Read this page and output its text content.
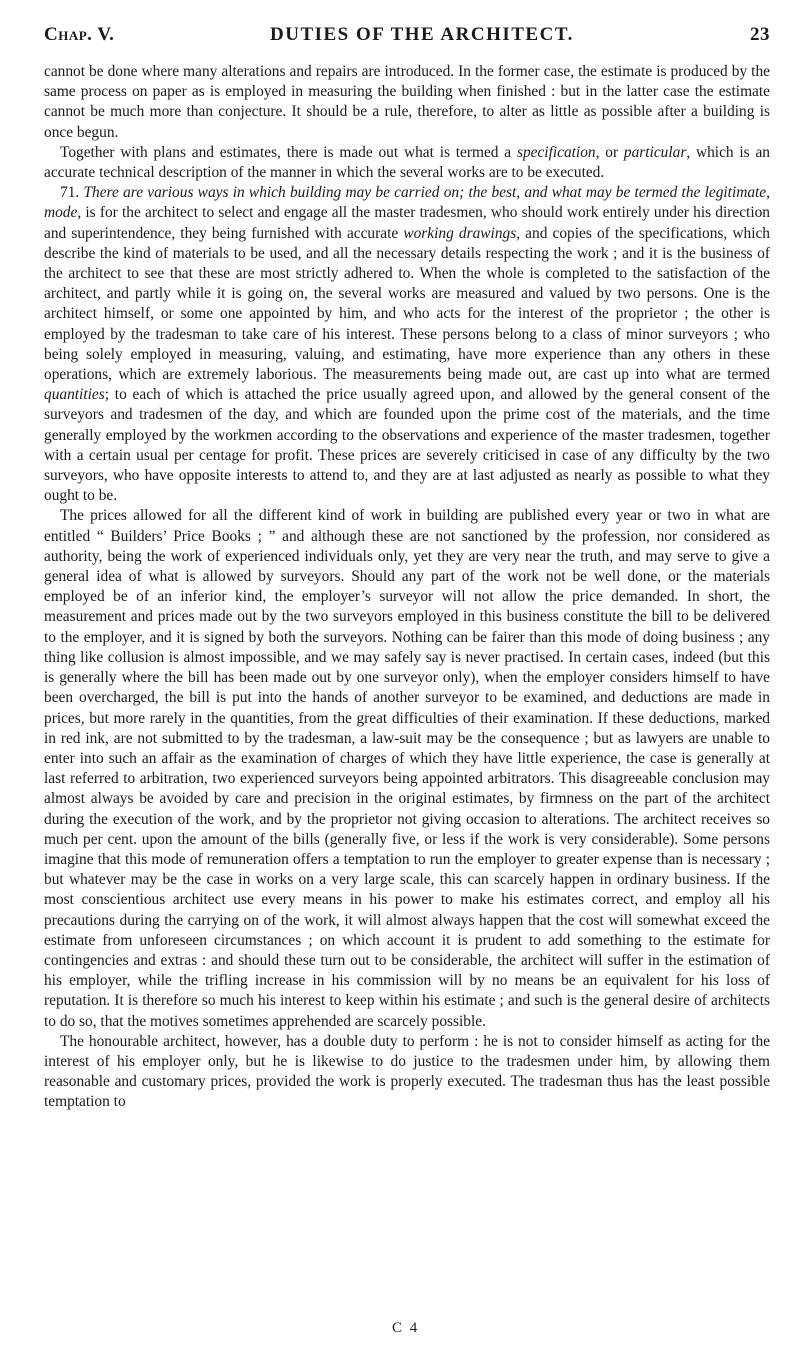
Chap. V.	DUTIES OF THE ARCHITECT.	23

cannot be done where many alterations and repairs are introduced. In the former case, the estimate is produced by the same process on paper as is employed in measuring the building when finished : but in the latter case the estimate cannot be much more than conjecture. It should be a rule, therefore, to alter as little as possible after a building is once begun.

Together with plans and estimates, there is made out what is termed a specification, or particular, which is an accurate technical description of the manner in which the several works are to be executed.

71. There are various ways in which building may be carried on; the best, and what may be termed the legitimate, mode, is for the architect to select and engage all the master tradesmen, who should work entirely under his direction and superintendence, they being furnished with accurate working drawings, and copies of the specifications, which describe the kind of materials to be used, and all the necessary details respecting the work ; and it is the business of the architect to see that these are most strictly adhered to. When the whole is completed to the satisfaction of the architect, and partly while it is going on, the several works are measured and valued by two persons. One is the architect himself, or some one appointed by him, and who acts for the interest of the proprietor ; the other is employed by the tradesman to take care of his interest. These persons belong to a class of minor surveyors ; who being solely employed in measuring, valuing, and estimating, have more experience than any others in these operations, which are extremely laborious. The measurements being made out, are cast up into what are termed quantities; to each of which is attached the price usually agreed upon, and allowed by the general consent of the surveyors and tradesmen of the day, and which are founded upon the prime cost of the materials, and the time generally employed by the workmen according to the observations and experience of the master tradesmen, together with a certain usual per centage for profit. These prices are severely criticised in case of any difficulty by the two surveyors, who have opposite interests to attend to, and they are at last adjusted as nearly as possible to what they ought to be.

The prices allowed for all the different kind of work in building are published every year or two in what are entitled “ Builders’ Price Books ; ” and although these are not sanctioned by the profession, nor considered as authority, being the work of experienced individuals only, yet they are very near the truth, and may serve to give a general idea of what is allowed by surveyors. Should any part of the work not be well done, or the materials employed be of an inferior kind, the employer’s surveyor will not allow the price demanded. In short, the measurement and prices made out by the two surveyors employed in this business constitute the bill to be delivered to the employer, and it is signed by both the surveyors. Nothing can be fairer than this mode of doing business ; any thing like collusion is almost impossible, and we may safely say is never practised. In certain cases, indeed (but this is generally where the bill has been made out by one surveyor only), when the employer considers himself to have been overcharged, the bill is put into the hands of another surveyor to be examined, and deductions are made in prices, but more rarely in the quantities, from the great difficulties of their examination. If these deductions, marked in red ink, are not submitted to by the tradesman, a law-suit may be the consequence ; but as lawyers are unable to enter into such an affair as the examination of charges of which they have little experience, the case is generally at last referred to arbitration, two experienced surveyors being appointed arbitrators. This disagreeable conclusion may almost always be avoided by care and precision in the original estimates, by firmness on the part of the architect during the execution of the work, and by the proprietor not giving occasion to alterations. The architect receives so much per cent. upon the amount of the bills (generally five, or less if the work is very considerable). Some persons imagine that this mode of remuneration offers a temptation to run the employer to greater expense than is necessary ; but whatever may be the case in works on a very large scale, this can scarcely happen in ordinary business. If the most conscientious architect use every means in his power to make his estimates correct, and employ all his precautions during the carrying on of the work, it will almost always happen that the cost will somewhat exceed the estimate from unforeseen circumstances ; on which account it is prudent to add something to the estimate for contingencies and extras : and should these turn out to be considerable, the architect will suffer in the estimation of his employer, while the trifling increase in his commission will by no means be an equivalent for his loss of reputation. It is therefore so much his interest to keep within his estimate ; and such is the general desire of architects to do so, that the motives sometimes apprehended are scarcely possible.

The honourable architect, however, has a double duty to perform : he is not to consider himself as acting for the interest of his employer only, but he is likewise to do justice to the tradesmen under him, by allowing them reasonable and customary prices, provided the work is properly executed. The tradesman thus has the least possible temptation to

C 4
